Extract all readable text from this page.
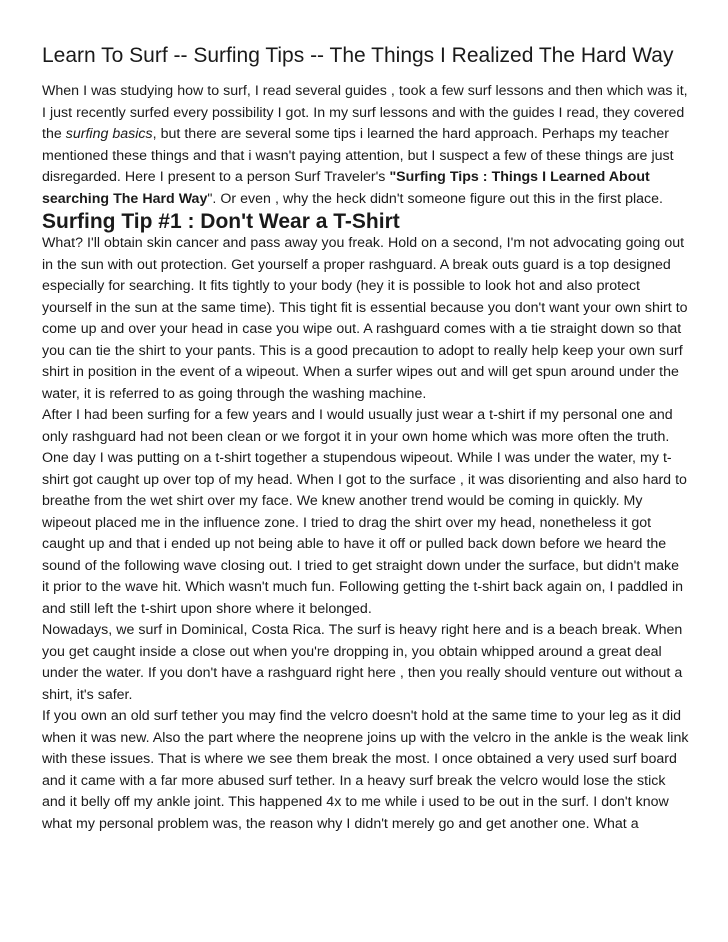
Learn To Surf -- Surfing Tips -- The Things I Realized The Hard Way

When I was studying how to surf, I read several guides , took a few surf lessons and then which was it, I just recently surfed every possibility I got. In my surf lessons and with the guides I read, they covered the surfing basics, but there are several some tips i learned the hard approach. Perhaps my teacher mentioned these things and that i wasn't paying attention, but I suspect a few of these things are just disregarded. Here I present to a person Surf Traveler's "Surfing Tips : Things I Learned About searching The Hard Way". Or even , why the heck didn't someone figure out this in the first place.

Surfing Tip #1 : Don't Wear a T-Shirt

What? I'll obtain skin cancer and pass away you freak. Hold on a second, I'm not advocating going out in the sun with out protection. Get yourself a proper rashguard. A break outs guard is a top designed especially for searching. It fits tightly to your body (hey it is possible to look hot and also protect yourself in the sun at the same time). This tight fit is essential because you don't want your own shirt to come up and over your head in case you wipe out. A rashguard comes with a tie straight down so that you can tie the shirt to your pants. This is a good precaution to adopt to really help keep your own surf shirt in position in the event of a wipeout. When a surfer wipes out and will get spun around under the water, it is referred to as going through the washing machine.

After I had been surfing for a few years and I would usually just wear a t-shirt if my personal one and only rashguard had not been clean or we forgot it in your own home which was more often the truth. One day I was putting on a t-shirt together a stupendous wipeout. While I was under the water, my t-shirt got caught up over top of my head. When I got to the surface , it was disorienting and also hard to breathe from the wet shirt over my face. We knew another trend would be coming in quickly. My wipeout placed me in the influence zone. I tried to drag the shirt over my head, nonetheless it got caught up and that i ended up not being able to have it off or pulled back down before we heard the sound of the following wave closing out. I tried to get straight down under the surface, but didn't make it prior to the wave hit. Which wasn't much fun. Following getting the t-shirt back again on, I paddled in and still left the t-shirt upon shore where it belonged.

Nowadays, we surf in Dominical, Costa Rica. The surf is heavy right here and is a beach break. When you get caught inside a close out when you're dropping in, you obtain whipped around a great deal under the water. If you don't have a rashguard right here , then you really should venture out without a shirt, it's safer.

If you own an old surf tether you may find the velcro doesn't hold at the same time to your leg as it did when it was new. Also the part where the neoprene joins up with the velcro in the ankle is the weak link with these issues. That is where we see them break the most. I once obtained a very used surf board and it came with a far more abused surf tether. In a heavy surf break the velcro would lose the stick and it belly off my ankle joint. This happened 4x to me while i used to be out in the surf. I don't know what my personal problem was, the reason why I didn't merely go and get another one. What a
